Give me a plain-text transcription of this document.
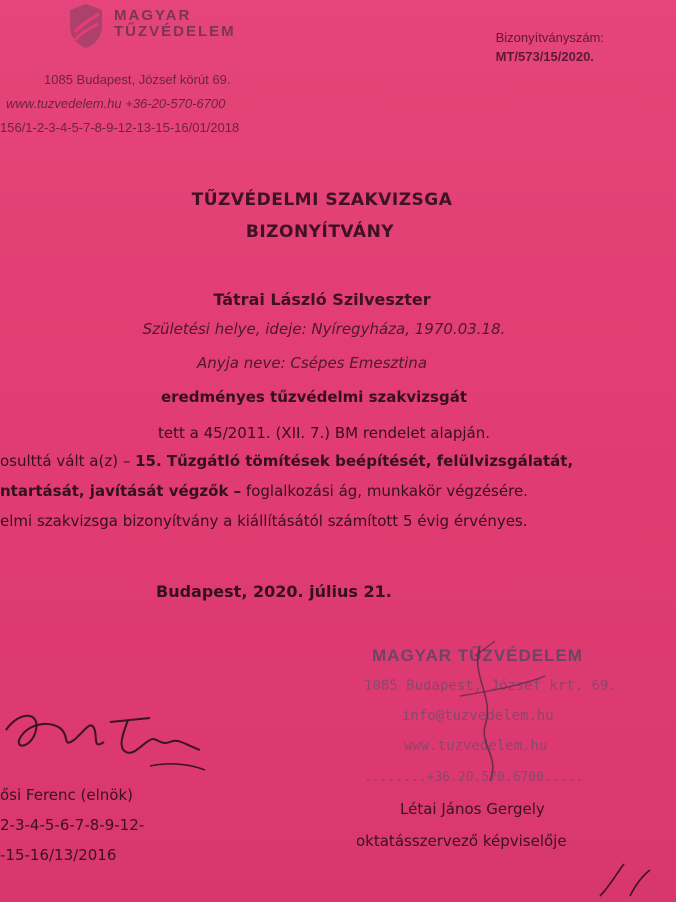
MAGYAR
TŰZVÉDELEM
1085 Budapest, József körút 69.
www.tuzvedelem.hu +36-20-570-6700
156/1-2-3-4-5-7-8-9-12-13-15-16/01/2018
Bizonyítványszám:
MT/573/15/2020.
TŰZVÉDELMI SZAKVIZSGA
BIZONYÍTVÁNY
Tátrai László Szilveszter
Születési helye, ideje: Nyíregyháza, 1970.03.18.
Anyja neve: Csépes Emesztina
eredményes tűzvédelmi szakvizsgát
tett a 45/2011. (XII. 7.) BM rendelet alapján.
osulttá vált a(z) – 15. Tűzgátló tömítések beépítését, felülvizsgálatát,
ntartását, javítását végzők – foglalkozási ág, munkakör végzésére.
elmi szakvizsga bizonyítvány a kiállításától számított 5 évig érvényes.
Budapest, 2020. július 21.
MAGYAR TŰZVÉDELEM
1085 Budapest, József krt. 69.
info@tuzvedelem.hu
www.tuzvedelem.hu
........+36.20.570.6700.....
ősi Ferenc (elnök)
2-3-4-5-6-7-8-9-12-
-15-16/13/2016
Létai János Gergely
oktatásszervező képviselője
